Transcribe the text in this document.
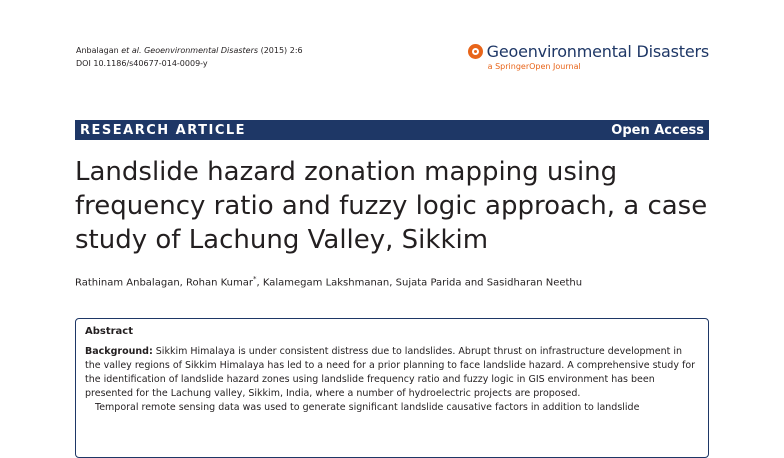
Anbalagan et al. Geoenvironmental Disasters (2015) 2:6
DOI 10.1186/s40677-014-0009-y
Geoenvironmental Disasters
a SpringerOpen Journal
RESEARCH ARTICLE	Open Access
Landslide hazard zonation mapping using frequency ratio and fuzzy logic approach, a case study of Lachung Valley, Sikkim
Rathinam Anbalagan, Rohan Kumar*, Kalamegam Lakshmanan, Sujata Parida and Sasidharan Neethu
Abstract

Background: Sikkim Himalaya is under consistent distress due to landslides. Abrupt thrust on infrastructure development in the valley regions of Sikkim Himalaya has led to a need for a prior planning to face landslide hazard. A comprehensive study for the identification of landslide hazard zones using landslide frequency ratio and fuzzy logic in GIS environment has been presented for the Lachung valley, Sikkim, India, where a number of hydroelectric projects are proposed.

Temporal remote sensing data was used to generate significant landslide causative factors in addition to landslide
